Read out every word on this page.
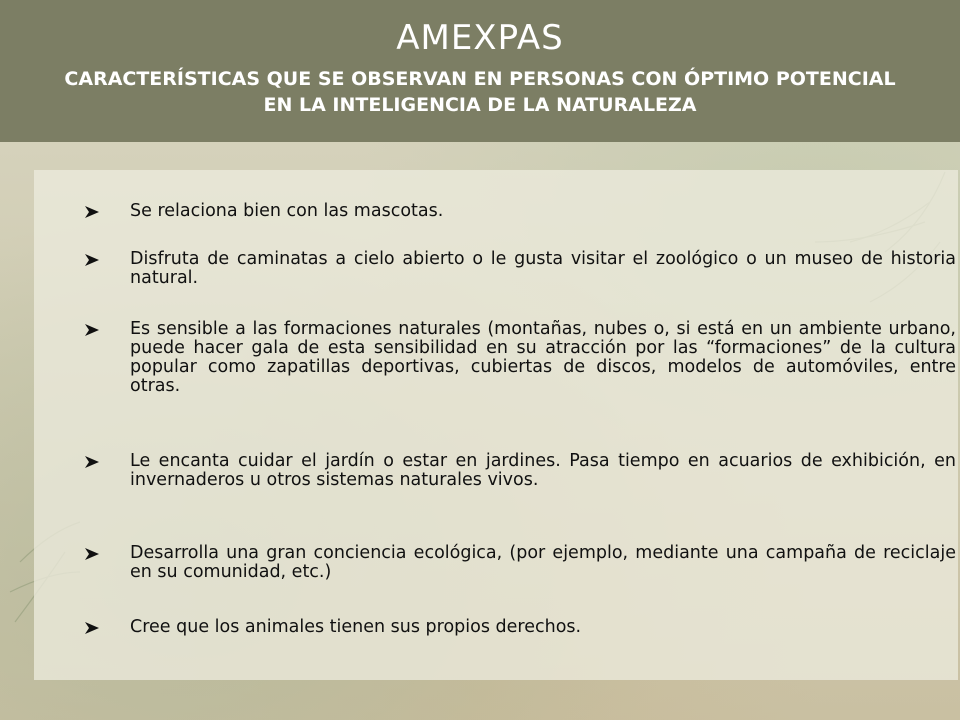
AMEXPAS
CARACTERÍSTICAS QUE SE OBSERVAN EN PERSONAS CON ÓPTIMO POTENCIAL EN LA INTELIGENCIA DE LA NATURALEZA
Se relaciona bien con las mascotas.
Disfruta de caminatas a cielo abierto o le gusta visitar el zoológico o un museo de historia natural.
Es sensible a las formaciones naturales (montañas, nubes o, si está en un ambiente urbano, puede hacer gala de esta sensibilidad en su atracción por las “formaciones” de la cultura popular como zapatillas deportivas, cubiertas de discos, modelos de automóviles, entre otras.
Le encanta cuidar el jardín o estar en jardines. Pasa tiempo en acuarios de exhibición, en invernaderos u otros sistemas naturales vivos.
Desarrolla una gran conciencia ecológica, (por ejemplo, mediante una campaña de reciclaje en su comunidad, etc.)
Cree que los animales tienen sus propios derechos.
